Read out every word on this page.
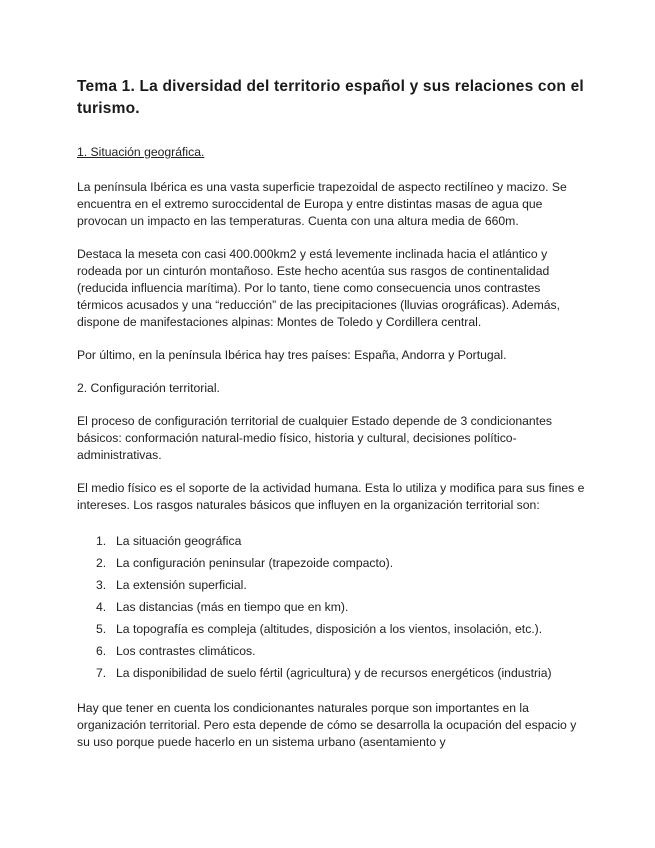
Tema 1. La diversidad del territorio español y sus relaciones con el turismo.

1. Situación geográfica.

La península Ibérica es una vasta superficie trapezoidal de aspecto rectilíneo y macizo. Se encuentra en el extremo suroccidental de Europa y entre distintas masas de agua que provocan un impacto en las temperaturas. Cuenta con una altura media de 660m.

Destaca la meseta con casi 400.000km2 y está levemente inclinada hacia el atlántico y rodeada por un cinturón montañoso. Este hecho acentúa sus rasgos de continentalidad (reducida influencia marítima). Por lo tanto, tiene como consecuencia unos contrastes térmicos acusados y una “reducción” de las precipitaciones (lluvias orográficas). Además, dispone de manifestaciones alpinas: Montes de Toledo y Cordillera central.

Por último, en la península Ibérica hay tres países: España, Andorra y Portugal.

2. Configuración territorial.

El proceso de configuración territorial de cualquier Estado depende de 3 condicionantes básicos: conformación natural-medio físico, historia y cultural, decisiones político-administrativas.

El medio físico es el soporte de la actividad humana. Esta lo utiliza y modifica para sus fines e intereses. Los rasgos naturales básicos que influyen en la organización territorial son:

1. La situación geográfica
2. La configuración peninsular (trapezoide compacto).
3. La extensión superficial.
4. Las distancias (más en tiempo que en km).
5. La topografía es compleja (altitudes, disposición a los vientos, insolación, etc.).
6. Los contrastes climáticos.
7. La disponibilidad de suelo fértil (agricultura) y de recursos energéticos (industria)

Hay que tener en cuenta los condicionantes naturales porque son importantes en la organización territorial. Pero esta depende de cómo se desarrolla la ocupación del espacio y su uso porque puede hacerlo en un sistema urbano (asentamiento y
